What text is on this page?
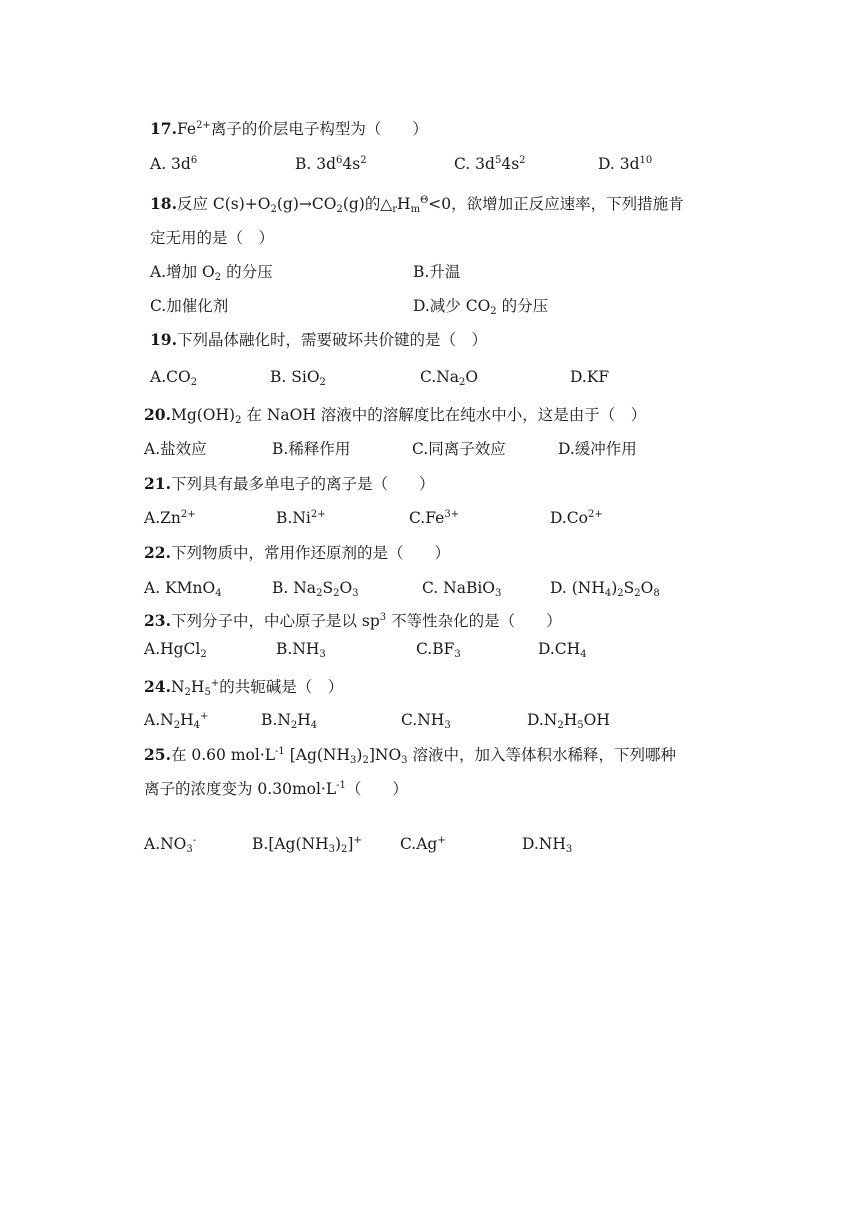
$17.Fe^{2+}$离子的价层电子构型为（　　）
A. $3d^6$	B. $3d^64s^2$	C. $3d^54s^2$	D. $3d^{10}$
18.反应 $C(s)+O_2(g)\to CO_2(g)$的$\triangle_rH_m^\Theta<0$，欲增加正反应速率，下列措施肯
定无用的是（　）
A.增加 $O_2$ 的分压	B.升温
C.加催化剂	D.减少 $CO_2$ 的分压
19.下列晶体融化时，需要破坏共价键的是（　）
$A.CO_2$	B. SiO$_2$	$C.Na_2O$	D.KF
$20.Mg(OH)_2$ 在 NaOH 溶液中的溶解度比在纯水中小，这是由于（　）
A.盐效应	B.稀释作用	C.同离子效应	D.缓冲作用
21.下列具有最多单电子的离子是（　　）
$A.Zn^{2+}$	$B.Ni^{2+}$	$C.Fe^{3+}$	$D.Co^{2+}$
22.下列物质中，常用作还原剂的是（　　）
A. KMnO$_4$	B. $Na_2S_2O_3$	C. NaBiO$_3$	D. $(NH_4)_2S_2O_8$
23.下列分子中，中心原子是以 $sp^3$ 不等性杂化的是（　　）
A.HgCl$_2$	$B.NH_3$	$C.BF_3$	$D.CH_4$
$24.N_2H_5^+$的共轭碱是（　）
$A.N_2H_4^+$	$B.N_2H_4$	$C.NH_3$	$D.N_2H_5OH$
25.在 0.60 $mol\cdot L^{-1}$ $[Ag(NH_3)_2]NO_3$ 溶液中，加入等体积水稀释，下列哪种
离子的浓度变为 $0.30mol\cdot L^{-1}$（　　）
$A.NO_3^-$	$B.[Ag(NH_3)_2]^+$ C.Ag+	$D.NH_3$
